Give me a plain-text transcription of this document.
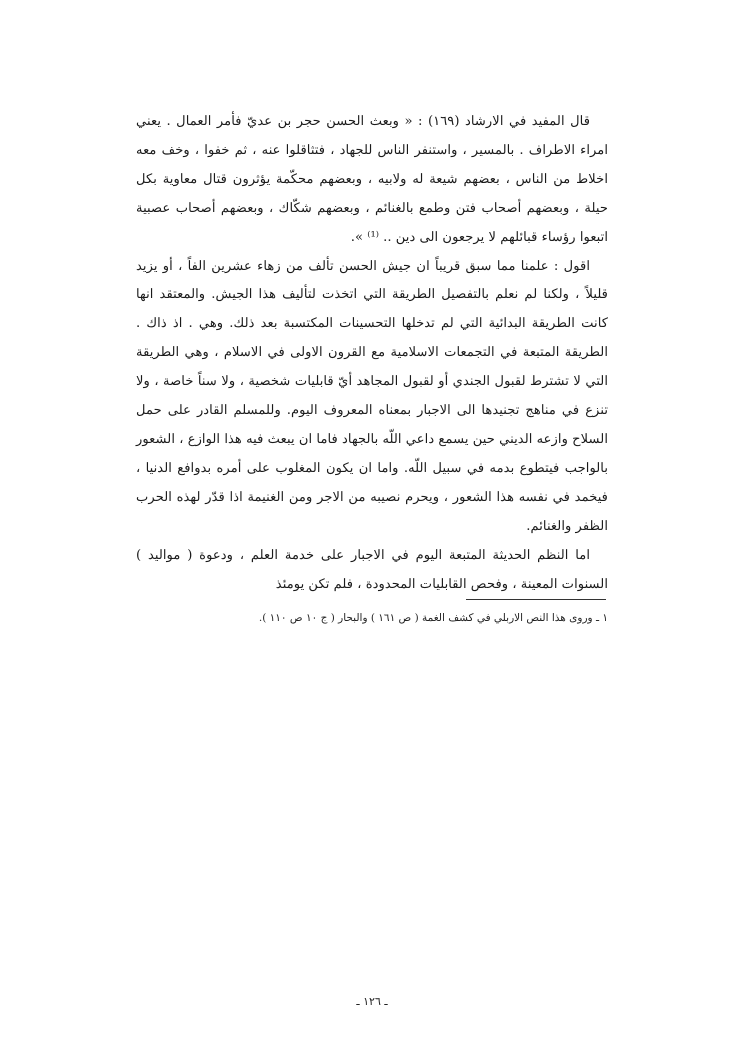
قال المفيد في الارشاد (١٦٩) : « وبعث الحسن حجر بن عديّ فأمر العمال . يعني امراء الاطراف . بالمسير ، واستنفر الناس للجهاد ، فتثاقلوا عنه ، ثم خفوا ، وخف معه اخلاط من الناس ، بعضهم شيعة له ولابيه ، وبعضهم محكّمة يؤثرون قتال معاوية بكل حيلة ، وبعضهم أصحاب فتن وطمع بالغنائم ، وبعضهم شكّاك ، وبعضهم أصحاب عصبية اتبعوا رؤساء قبائلهم لا يرجعون الى دين .. ⁽¹⁾ ».

اقول : علمنا مما سبق قريباً ان جيش الحسن تألف من زهاء عشرين الفاً ، أو يزيد قليلاً ، ولكنا لم نعلم بالتفصيل الطريقة التي اتخذت لتأليف هذا الجيش. والمعتقد انها كانت الطريقة البدائية التي لم تدخلها التحسينات المكتسبة بعد ذلك. وهي . اذ ذاك . الطريقة المتبعة في التجمعات الاسلامية مع القرون الاولى في الاسلام ، وهي الطريقة التي لا تشترط لقبول الجندي أو لقبول المجاهد أيّ قابليات شخصية ، ولا سناً خاصة ، ولا تنزع في مناهج تجنيدها الى الاجبار بمعناه المعروف اليوم. وللمسلم القادر على حمل السلاح وازعه الديني حين يسمع داعي اللّه بالجهاد فاما ان يبعث فيه هذا الوازع ، الشعور بالواجب فيتطوع بدمه في سبيل اللّه. واما ان يكون المغلوب على أمره بدوافع الدنيا ، فيخمد في نفسه هذا الشعور ، ويحرم نصيبه من الاجر ومن الغنيمة اذا قدّر لهذه الحرب الظفر والغنائم.

اما النظم الحديثة المتبعة اليوم في الاجبار على خدمة العلم ، ودعوة ( مواليد ) السنوات المعينة ، وفحص القابليات المحدودة ، فلم تكن يومئذ

١ ـ وروى هذا النص الاربلي في كشف الغمة ( ص ١٦١ ) والبحار ( ج ١٠ ص ١١٠ ).
ـ ١٢٦ ـ
